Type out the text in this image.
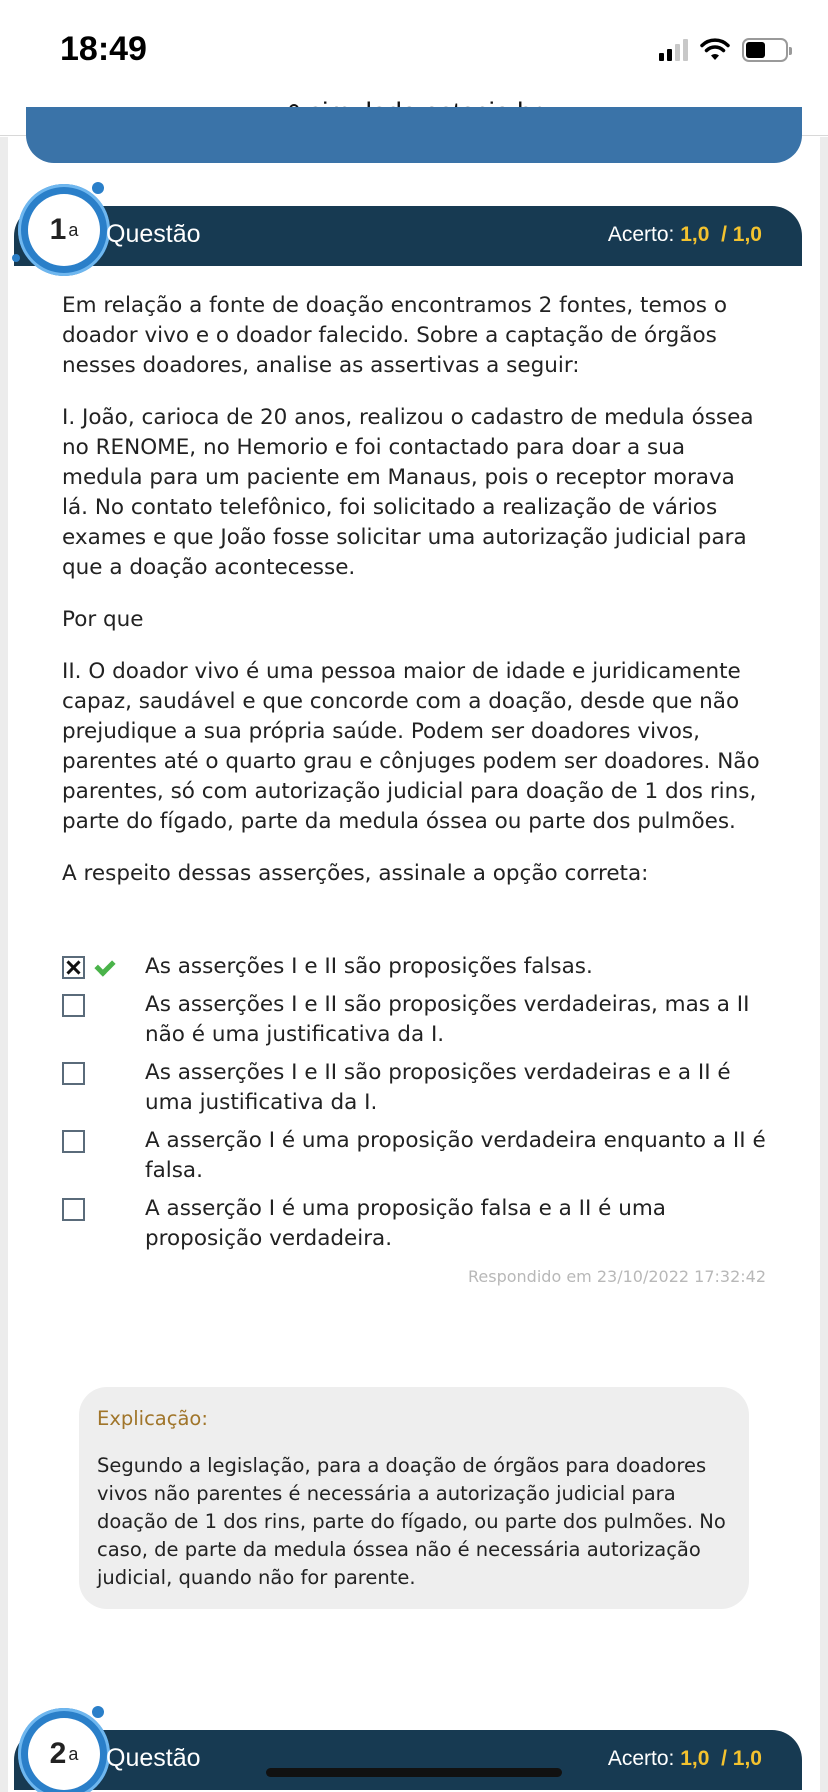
18:49
1 a Questão	Acerto: 1,0 / 1,0

Em relação a fonte de doação encontramos 2 fontes, temos o doador vivo e o doador falecido. Sobre a captação de órgãos nesses doadores, analise as assertivas a seguir:

I. João, carioca de 20 anos, realizou o cadastro de medula óssea no RENOME, no Hemorio e foi contactado para doar a sua medula para um paciente em Manaus, pois o receptor morava lá. No contato telefônico, foi solicitado a realização de vários exames e que João fosse solicitar uma autorização judicial para que a doação acontecesse.

Por que

II. O doador vivo é uma pessoa maior de idade e juridicamente capaz, saudável e que concorde com a doação, desde que não prejudique a sua própria saúde. Podem ser doadores vivos, parentes até o quarto grau e cônjuges podem ser doadores. Não parentes, só com autorização judicial para doação de 1 dos rins, parte do fígado, parte da medula óssea ou parte dos pulmões.

A respeito dessas asserções, assinale a opção correta:

As asserções I e II são proposições falsas.
As asserções I e II são proposições verdadeiras, mas a II não é uma justificativa da I.
As asserções I e II são proposições verdadeiras e a II é uma justificativa da I.
A asserção I é uma proposição verdadeira enquanto a II é falsa.
A asserção I é uma proposição falsa e a II é uma proposição verdadeira.
Respondido em 23/10/2022 17:32:42
Explicação:
Segundo a legislação, para a doação de órgãos para doadores vivos não parentes é necessária a autorização judicial para doação de 1 dos rins, parte do fígado, ou parte dos pulmões. No caso, de parte da medula óssea não é necessária autorização judicial, quando não for parente.
2 a Questão	Acerto: 1,0 / 1,0
